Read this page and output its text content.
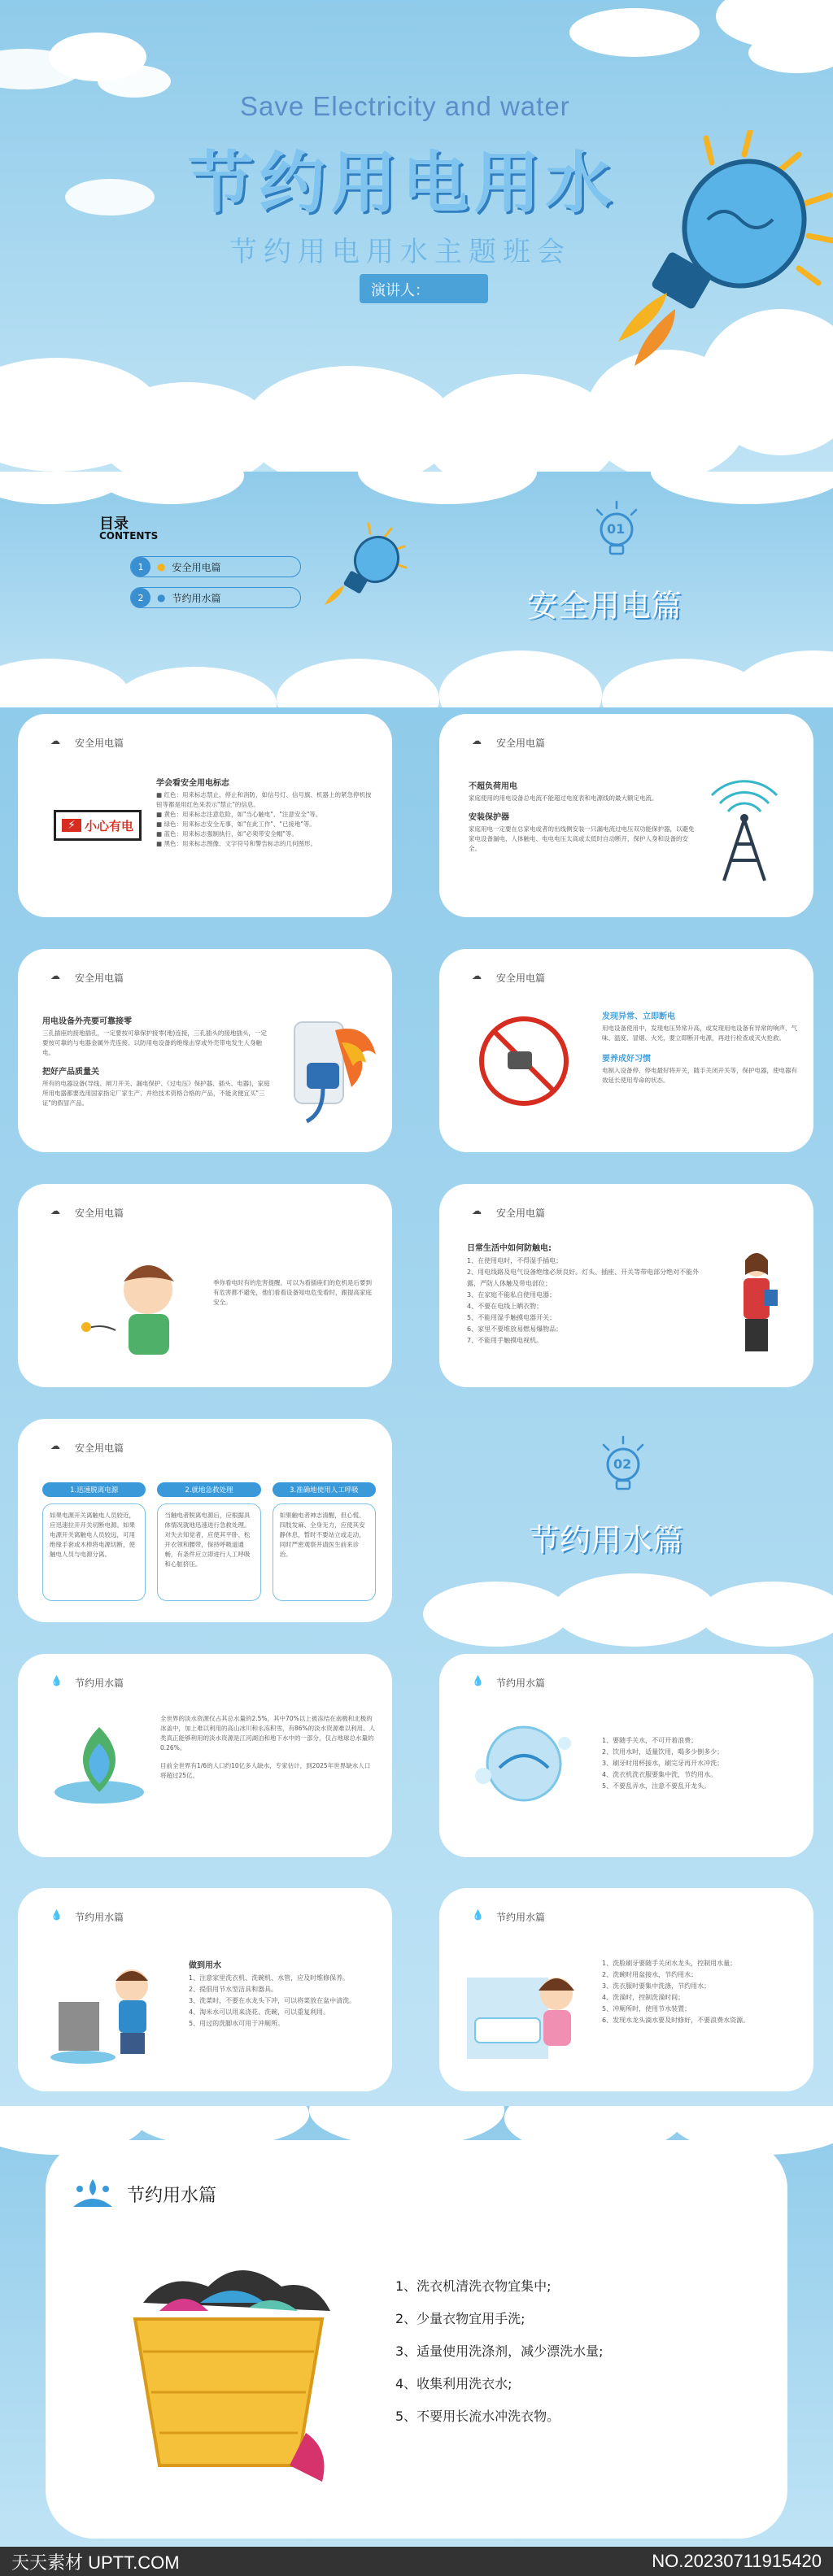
Save Electricity and water
节约用电用水
节约用电用水主题班会
演讲人：
目录
CONTENTS
1	● 安全用电篇
2	● 节约用水篇
01
安全用电篇
☁	安全用电篇
⚡ 小心有电
学会看安全用电标志
■ 红色：用来标志禁止、停止和消防，如信号灯、信号旗、机器上的紧急停机按钮等都是用红色来表示"禁止"的信息。
■ 黄色：用来标志注意危险，如"当心触电"、"注意安全"等。
■ 绿色：用来标志安全无事，如"在此工作"、"已接地"等。
■ 蓝色：用来标志强制执行，如"必须带安全帽"等。
■ 黑色：用来标志图像、文字符号和警告标志的几何图形。
☁	安全用电篇
不超负荷用电
家庭使用的用电设备总电流不能超过电度表和电源线的最大额定电流。
安装保护器
家庭用电一定要在总家电或者的出线侧安装一只漏电流过电压双功能保护器，以避免家电设备漏电、人体触电、电电电压太高或太低时自动断开，保护人身和设备的安全。
☁	安全用电篇
用电设备外壳要可靠接零
三孔插座的接地插孔，一定要按可靠保护接零(地)连接，三孔插头的接地插头，一定要按可靠的与电器金属外壳连接。以防用电设备的绝缘击穿或外壳带电发生人身触电。
把好产品质量关
所有的电器设备(导线、闸刀开关、漏电保护、《过电压》保护器、插头、电器)，家庭所用电器都要选用国家指定厂家生产、并给技术资格合格的产品，不能贪便宜买"三证"的假冒产品。
☁	安全用电篇
发现异常、立即断电
用电设备使用中，发现电压异常升高，或发现用电设备有异常的响声、气味、温度、冒烟、火光，要立即断开电源，再进行检查或灭火抢救。
要养成好习惯
电制入设备停、停电最好将开关，随手关闭开关等，保护电器，使电器有效延长使用寿命的状态。
☁	安全用电篇
季你看电时有的危害提醒，可以为看插座们的危机是后要到有危害都不避免，他们看看设备知电危变看时，跟提高家庭安全。
☁	安全用电篇
日常生活中如何防触电:
1、在使用电时，不得湿手插电；
2、用电线路及电气设备绝缘必须良好。灯头、插座、开关等带电部分绝对不能外露，严防人体触及带电部位；
3、在家庭不能私自使用电器；
4、不要在电线上晒衣物；
5、不能用湿手触摸电器开关；
6、家里不要堆放易燃易爆物品；
7、不能用手触摸电视机。
☁	安全用电篇
1.迅速脱离电源
如果电源开关离触电人员较近，应迅速拉开开关切断电源。如果电源开关离触电人员较远，可用绝缘手套或木棒将电源切断，使触电人员与电源分离。
2.就地急救处理
当触电者脱离电源后，应根据具体情况就地迅速进行急救处理。对失去知觉者，应使其平卧、松开衣领和腰带，保持呼吸道通畅，有条件应立即进行人工呼吸和心脏挤压。
3.准确地使用人工呼吸
如果触电者神志清醒，但心慌、四肢发麻、全身无力，应使其安静休息，暂时不要站立或走动，同时严密观察并请医生前来诊治。
02
节约用水篇
💧	节约用水篇
全世界的淡水资源仅占其总水量的2.5%，其中70%以上被冻结在南极和北极的冰盖中，加上难以利用的高山冰川和永冻积雪，有86%的淡水资源难以利用。人类真正能够利用的淡水资源是江河湖泊和地下水中的一部分，仅占地球总水量的0.26%。
目前全世界有1/6的人口约10亿多人缺水，专家估计，到2025年世界缺水人口将超过25亿。
💧	节约用水篇
1、要随手关水，不可开着浪费；
2、饮用水时，适量饮用，喝多少倒多少；
3、刷牙时用杯接水，刷完牙再开水冲洗；
4、洗衣机洗衣服要集中洗，节约用水。
5、不要乱弄水，注意不要乱开龙头。
💧	节约用水篇
做到用水
1、注意家里洗衣机、洗碗机、水管，应及时维修保养。
2、提倡用节水型洁具和器具。
3、洗菜时，不要在水龙头下冲，可以将菜放在盆中清洗。
4、淘米水可以用来浇花、洗碗，可以重复利用。
5、用过的洗脚水可用于冲厕所。
💧	节约用水篇
1、洗脸刷牙要随手关闭水龙头，控制用水量；
2、洗碗时用盆接水，节约用水；
3、洗衣服时要集中洗涤，节约用水；
4、洗澡时，控制洗澡时间；
5、冲厕所时，使用节水装置；
6、发现水龙头滴水要及时修好，不要浪费水资源。
节约用水篇
1、洗衣机清洗衣物宜集中;
2、少量衣物宜用手洗;
3、适量使用洗涤剂，减少漂洗水量;
4、收集利用洗衣水;
5、不要用长流水冲洗衣物。
天天素材 UPTT.COM	NO.20230711915420
